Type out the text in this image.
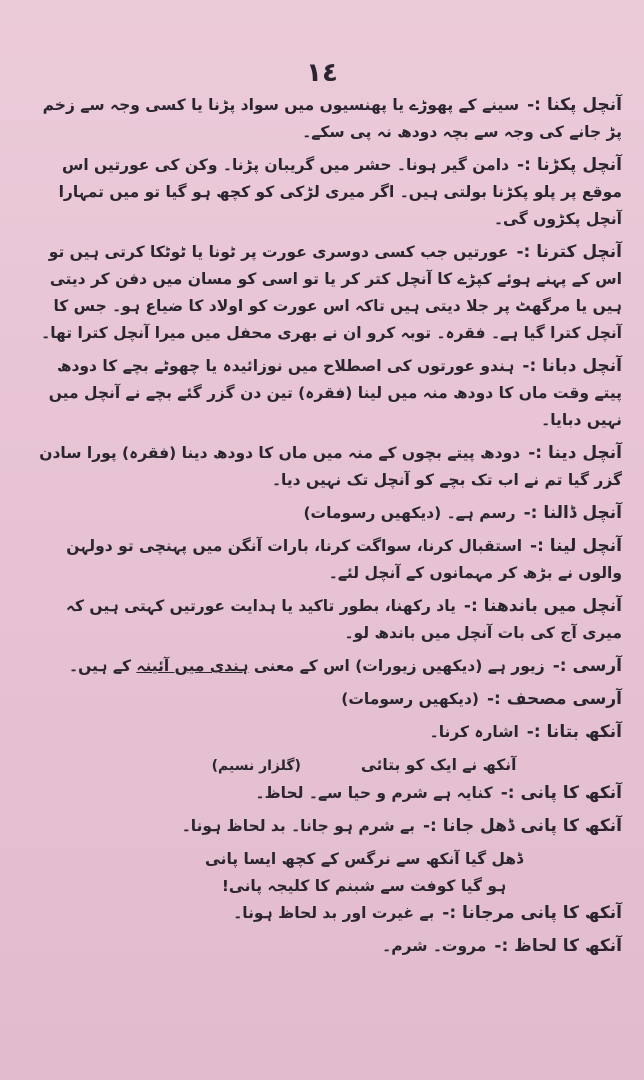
١٤

آنچل پکنا :-سینے کے پھوڑے یا پھنسیوں میں سواد پڑنا یا کسی وجہ سے زخم پڑ جانے کی وجہ سے بچہ دودھ نہ پی سکے۔

آنچل پکڑنا :-دامن گیر ہونا۔ حشر میں گریبان پڑنا۔ وکن کی عورتیں اس موقع پر پلو پکڑنا بولتی ہیں۔ اگر میری لڑکی کو کچھ ہو گیا تو میں تمہارا آنچل پکڑوں گی۔

آنچل کترنا :-عورتیں جب کسی دوسری عورت پر ٹونا یا ٹوٹکا کرتی ہیں تو اس کے پہنے ہوئے کپڑے کا آنچل کتر کر یا تو اسی کو مسان میں دفن کر دیتی ہیں یا مرگھٹ پر جلا دیتی ہیں تاکہ اس عورت کو اولاد کا ضیاع ہو۔ جس کا آنچل کترا گیا ہے۔ فقرہ۔ توبہ کرو ان نے بھری محفل میں میرا آنچل کترا تھا۔

آنچل دبانا :-ہندو عورتوں کی اصطلاح میں نوزائیدہ یا چھوٹے بچے کا دودھ پیتے وقت ماں کا دودھ منہ میں لینا (فقرہ) تین دن گزر گئے بچے نے آنچل میں نہیں دبایا۔

آنچل دینا :-دودھ پیتے بچوں کے منہ میں ماں کا دودھ دینا (فقرہ) پورا سادن گزر گیا تم نے اب تک بچے کو آنچل تک نہیں دیا۔

آنچل ڈالنا :-رسم ہے۔ (دیکھیں رسومات)

آنچل لینا :-استقبال کرنا، سواگت کرنا، بارات آنگن میں پہنچی تو دولہن والوں نے بڑھ کر مہمانوں کے آنچل لئے۔

آنچل میں باندھنا :-یاد رکھنا، بطور تاکید یا ہدایت عورتیں کہتی ہیں کہ میری آج کی بات آنچل میں باندھ لو۔

آرسی :-زیور ہے (دیکھیں زیورات) اس کے معنی ہندی میں آئینہ کے ہیں۔

آرسی مصحف :-(دیکھیں رسومات)

آنکھ بتانا :-اشارہ کرنا۔

آنکھ نے ایک کو بتائی(گلزار نسیم)

آنکھ کا پانی :-کنایہ ہے شرم و حیا سے۔ لحاظ۔

آنکھ کا پانی ڈھل جانا :-بے شرم ہو جانا۔ بد لحاظ ہونا۔

ڈھل گیا آنکھ سے نرگس کے کچھ ایسا پانی

ہو گیا کوفت سے شبنم کا کلیجہ پانی!

آنکھ کا پانی مرجانا :-بے غیرت اور بد لحاظ ہونا۔

آنکھ کا لحاظ :-مروت۔ شرم۔
